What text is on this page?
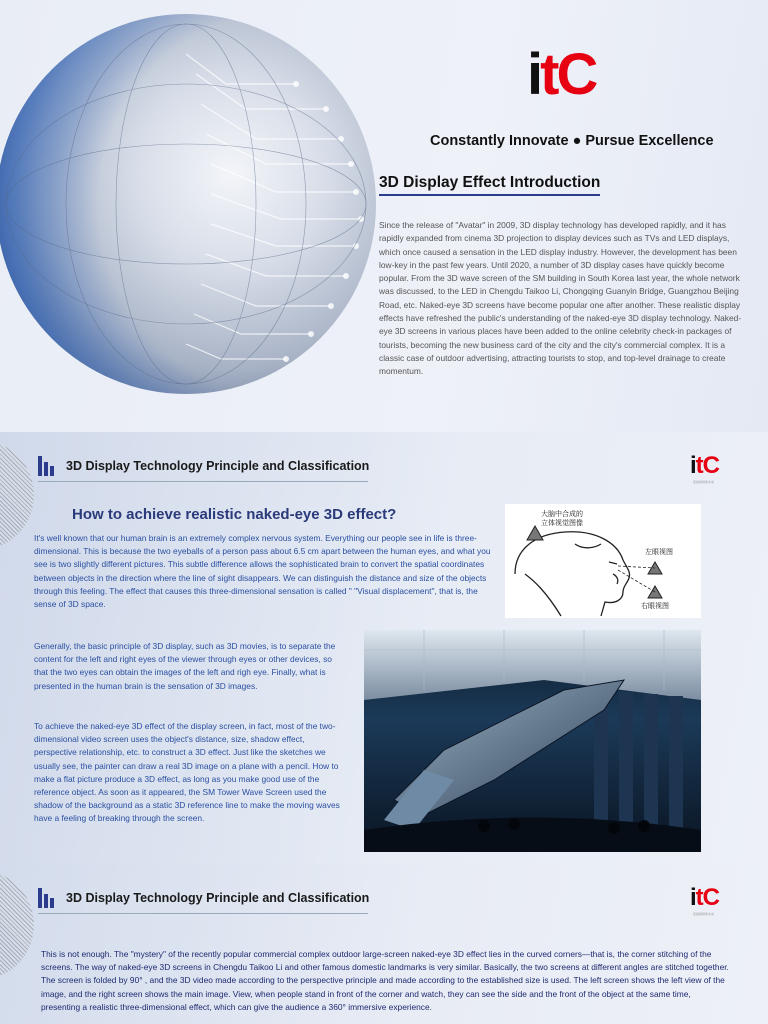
i tC
Constantly Innovate ● Pursue Excellence
3D Display Effect Introduction

Since the release of "Avatar" in 2009, 3D display technology has developed rapidly, and it has rapidly expanded from cinema 3D projection to display devices such as TVs and LED displays, which once caused a sensation in the LED display industry. However, the development has been low-key in the past few years. Until 2020, a number of 3D display cases have quickly become popular. From the 3D wave screen of the SM building in South Korea last year, the whole network was discussed, to the LED in Chengdu Taikoo Li, Chongqing Guanyin Bridge, Guangzhou Beijing Road, etc. Naked-eye 3D screens have become popular one after another. These realistic display effects have refreshed the public's understanding of the naked-eye 3D display technology. Naked-eye 3D screens in various places have been added to the online celebrity check-in packages of tourists, becoming the new business card of the city and the city's commercial complex. It is a classic case of outdoor advertising, attracting tourists to stop, and top-level drainage to create momentum.

3D Display Technology Principle and Classification	i tC
连接视频的未来
How to achieve realistic naked-eye 3D effect?

It's well known that our human brain is an extremely complex nervous system. Everything our people see in life is three-dimensional. This is because the two eyeballs of a person pass about 6.5 cm apart between the human eyes, and what you see is two slightly different pictures. This subtle difference allows the sophisticated brain to convert the spatial coordinates between objects in the direction where the line of sight disappears. We can distinguish the distance and size of the objects through this feeling. The effect that causes this three-dimensional sensation is called " "Visual displacement", that is, the sense of 3D space.

Generally, the basic principle of 3D display, such as 3D movies, is to separate the content for the left and right eyes of the viewer through eyes or other devices, so that the two eyes can obtain the images of the left and righ eye. Finally, what is presented in the human brain is the sensation of 3D images.

To achieve the naked-eye 3D effect of the display screen, in fact, most of the two-dimensional video screen uses the object's distance, size, shadow effect, perspective relationship, etc. to construct a 3D effect. Just like the sketches we usually see, the painter can draw a real 3D image on a plane with a pencil. How to make a flat picture produce a 3D effect, as long as you make good use of the reference object. As soon as it appeared, the SM Tower Wave Screen used the shadow of the background as a static 3D reference line to make the moving waves have a feeling of breaking through the screen.

大脑中合成的
立体视觉图像
左眼视图
右眼视图
3D Display Technology Principle and Classification	i tC
连接视频的未来

This is not enough. The "mystery" of the recently popular commercial complex outdoor large-screen naked-eye 3D effect lies in the curved corners—that is, the corner stitching of the screens. The way of naked-eye 3D screens in Chengdu Taikoo Li and other famous domestic landmarks is very similar. Basically, the two screens at different angles are stitched together. The screen is folded by 90° , and the 3D video made according to the perspective principle and made according to the established size is used. The left screen shows the left view of the image, and the right screen shows the main image. View, when people stand in front of the corner and watch, they can see the side and the front of the object at the same time, presenting a realistic three-dimensional effect, which can give the audience a 360° immersive experience.
